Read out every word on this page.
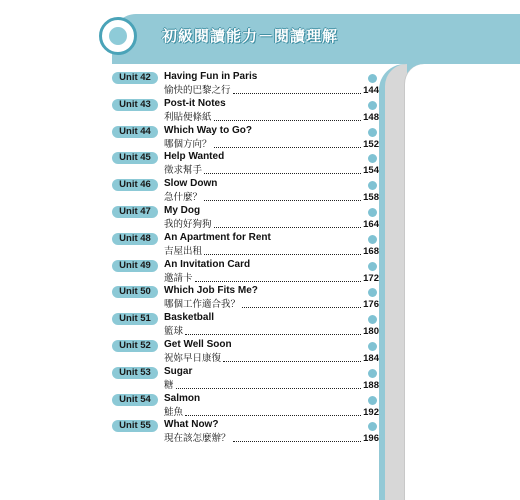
初級閱讀能力－閱讀理解
Unit 42	Having Fun in Paris
愉快的巴黎之行	144
Unit 43	Post-it Notes
利貼便條紙	148
Unit 44	Which Way to Go?
哪個方向？	152
Unit 45	Help Wanted
徵求幫手	154
Unit 46	Slow Down
急什麼？	158
Unit 47	My Dog
我的好狗狗	164
Unit 48	An Apartment for Rent
吉屋出租	168
Unit 49	An Invitation Card
邀請卡	172
Unit 50	Which Job Fits Me?
哪個工作適合我？	176
Unit 51	Basketball
籃球	180
Unit 52	Get Well Soon
祝妳早日康復	184
Unit 53	Sugar
糖	188
Unit 54	Salmon
鮭魚	192
Unit 55	What Now?
現在該怎麼辦？	196
